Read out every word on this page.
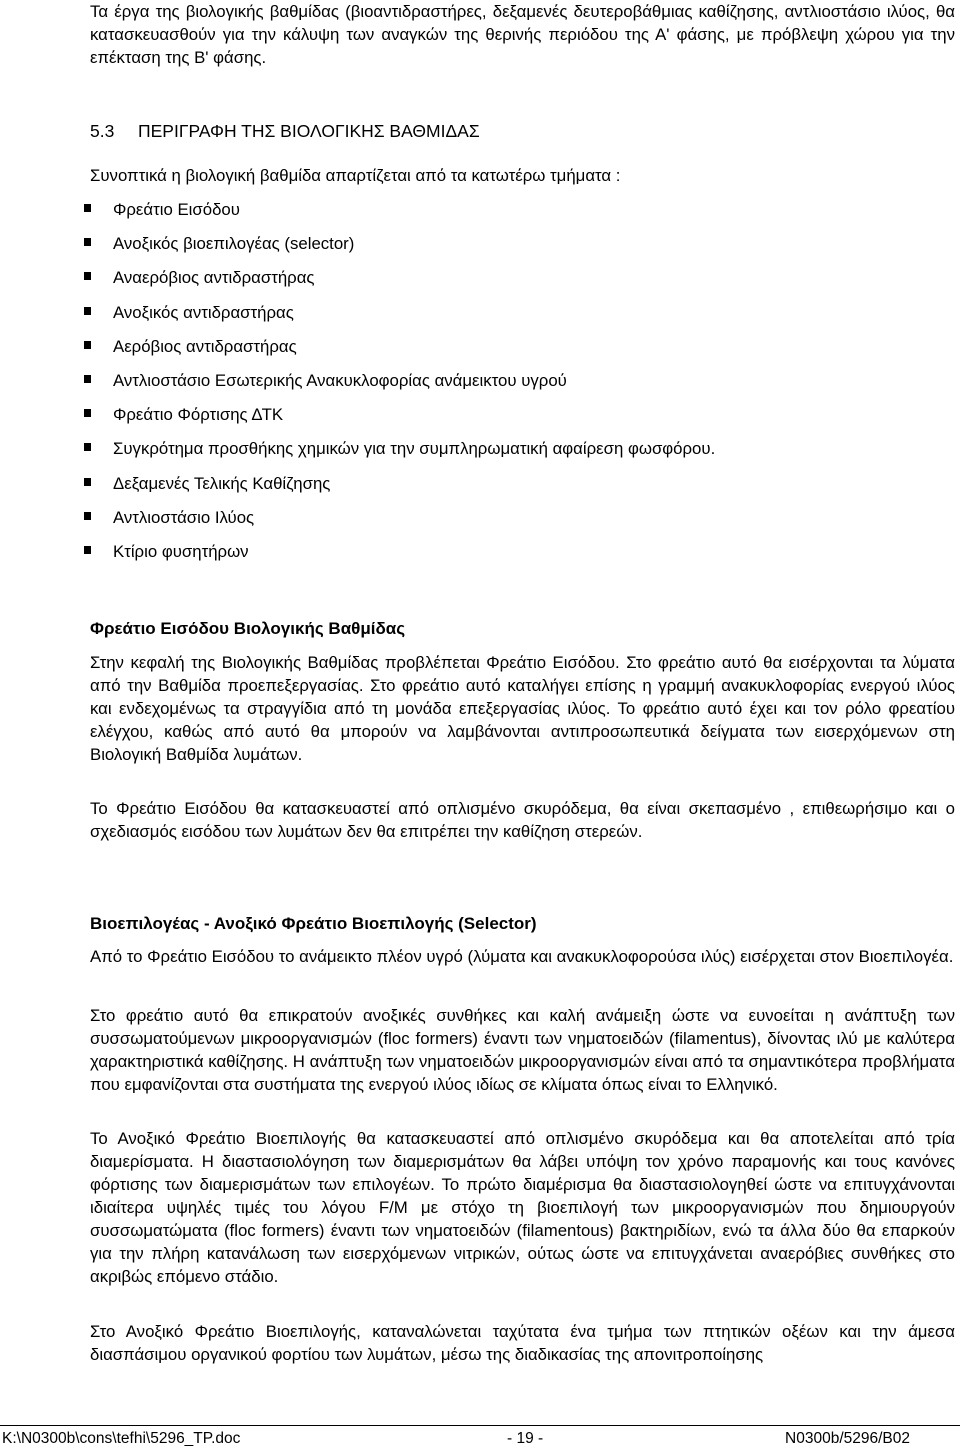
Τα έργα της βιολογικής βαθμίδας (βιοαντιδραστήρες, δεξαμενές δευτεροβάθμιας καθίζησης, αντλιοστάσιο ιλύος, θα κατασκευασθούν για την κάλυψη των αναγκών της θερινής περιόδου της Α' φάσης, με πρόβλεψη χώρου για την επέκταση της Β' φάσης.

5.3 ΠΕΡΙΓΡΑΦΗ ΤΗΣ ΒΙΟΛΟΓΙΚΗΣ ΒΑΘΜΙΔΑΣ

Συνοπτικά η βιολογική βαθμίδα απαρτίζεται από τα κατωτέρω τμήματα :

Φρεάτιο Εισόδου
Ανοξικός βιοεπιλογέας (selector)
Αναερόβιος αντιδραστήρας
Ανοξικός αντιδραστήρας
Αερόβιος αντιδραστήρας
Αντλιοστάσιο Εσωτερικής Ανακυκλοφορίας ανάμεικτου υγρού
Φρεάτιο Φόρτισης ΔΤΚ
Συγκρότημα προσθήκης χημικών για την συμπληρωματική αφαίρεση φωσφόρου.
Δεξαμενές Τελικής Καθίζησης
Αντλιοστάσιο Ιλύος
Κτίριο φυσητήρων
Φρεάτιο Εισόδου Βιολογικής Βαθμίδας

Στην κεφαλή της Βιολογικής Βαθμίδας προβλέπεται Φρεάτιο Εισόδου. Στο φρεάτιο αυτό θα εισέρχονται τα λύματα από την Βαθμίδα προεπεξεργασίας. Στο φρεάτιο αυτό καταλήγει επίσης η γραμμή ανακυκλοφορίας ενεργού ιλύος και ενδεχομένως τα στραγγίδια από τη μονάδα επεξεργασίας ιλύος. Το φρεάτιο αυτό έχει και τον ρόλο φρεατίου ελέγχου, καθώς από αυτό θα μπορούν να λαμβάνονται αντιπροσωπευτικά δείγματα των εισερχόμενων στη Βιολογική Βαθμίδα λυμάτων.

Το Φρεάτιο Εισόδου θα κατασκευαστεί από οπλισμένο σκυρόδεμα, θα είναι σκεπασμένο , επιθεωρήσιμο και ο σχεδιασμός εισόδου των λυμάτων δεν θα επιτρέπει την καθίζηση στερεών.

Βιοεπιλογέας - Ανοξικό Φρεάτιο Βιοεπιλογής (Selector)

Από το Φρεάτιο Εισόδου το ανάμεικτο πλέον υγρό (λύματα και ανακυκλοφορούσα ιλύς) εισέρχεται στον Βιοεπιλογέα.

Στο φρεάτιο αυτό θα επικρατούν ανοξικές συνθήκες και καλή ανάμειξη ώστε να ευνοείται η ανάπτυξη των συσσωματούμενων μικροοργανισμών (floc formers) έναντι των νηματοειδών (filamentus), δίνοντας ιλύ με καλύτερα χαρακτηριστικά καθίζησης. Η ανάπτυξη των νηματοειδών μικροοργανισμών είναι από τα σημαντικότερα προβλήματα που εμφανίζονται στα συστήματα της ενεργού ιλύος ιδίως σε κλίματα όπως είναι το Ελληνικό.

Το Ανοξικό Φρεάτιο Βιοεπιλογής θα κατασκευαστεί από οπλισμένο σκυρόδεμα και θα αποτελείται από τρία διαμερίσματα. Η διαστασιολόγηση των διαμερισμάτων θα λάβει υπόψη τον χρόνο παραμονής και τους κανόνες φόρτισης των διαμερισμάτων των επιλογέων. Το πρώτο διαμέρισμα θα διαστασιολογηθεί ώστε να επιτυγχάνονται ιδιαίτερα υψηλές τιμές του λόγου F/M με στόχο τη βιοεπιλογή των μικροοργανισμών που δημιουργούν συσσωματώματα (floc formers) έναντι των νηματοειδών (filamentous) βακτηριδίων, ενώ τα άλλα δύο θα επαρκούν για την πλήρη κατανάλωση των εισερχόμενων νιτρικών, ούτως ώστε να επιτυγχάνεται αναερόβιες συνθήκες στο ακριβώς επόμενο στάδιο.

Στο Ανοξικό Φρεάτιο Βιοεπιλογής, καταναλώνεται ταχύτατα ένα τμήμα των πτητικών οξέων και την άμεσα διασπάσιμου οργανικού φορτίου των λυμάτων, μέσω της διαδικασίας της απονιτροποίησης

K:\N0300b\cons\tefhi\5296_TP.doc	- 19 -	N0300b/5296/B02
